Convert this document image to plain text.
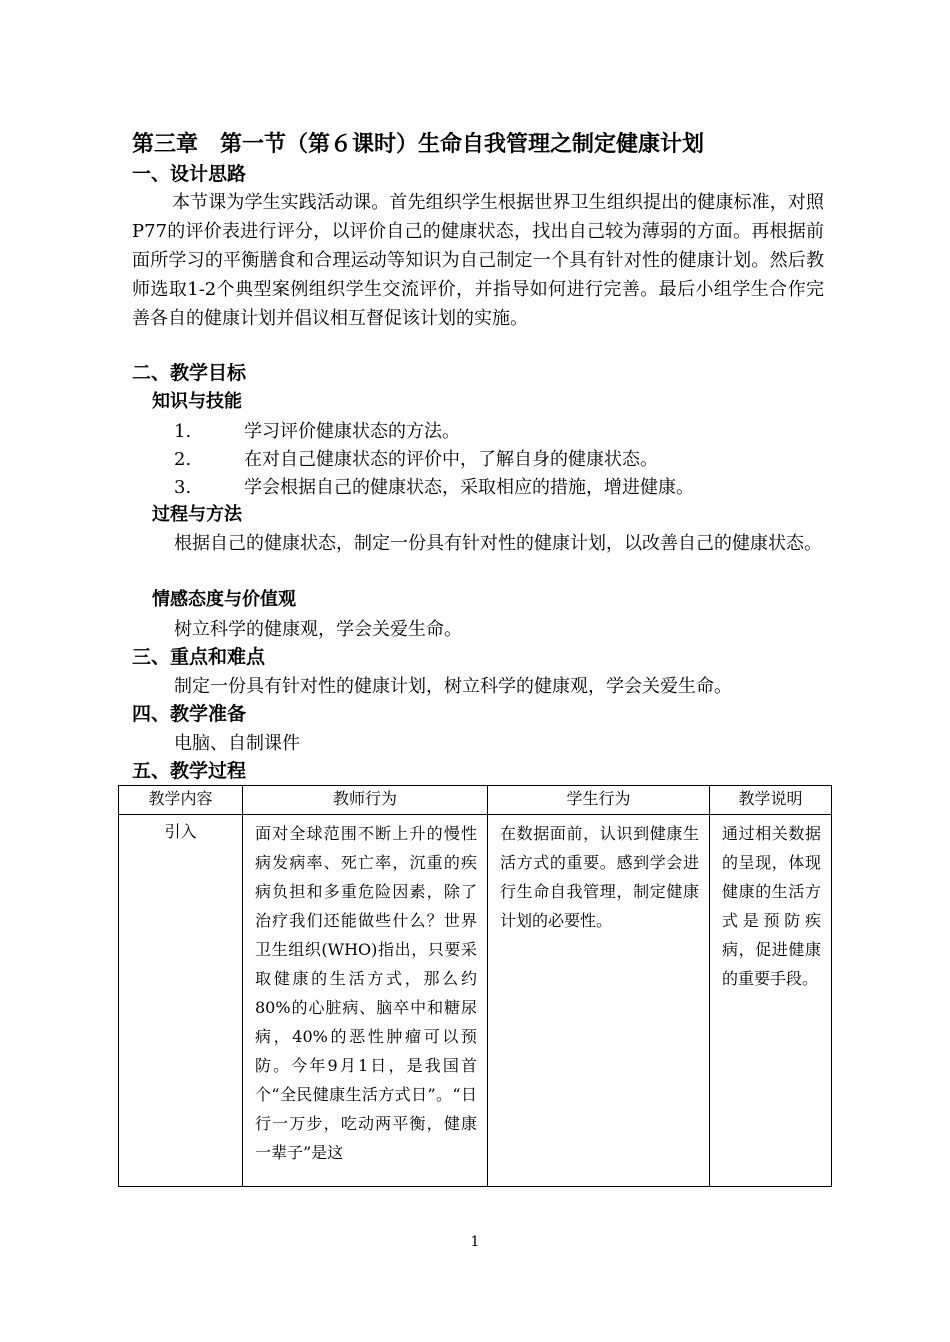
第三章　第一节（第６课时）生命自我管理之制定健康计划
一、设计思路
本节课为学生实践活动课。首先组织学生根据世界卫生组织提出的健康标准，对照P77的评价表进行评分，以评价自己的健康状态，找出自己较为薄弱的方面。再根据前面所学习的平衡膳食和合理运动等知识为自己制定一个具有针对性的健康计划。然后教师选取1-2个典型案例组织学生交流评价，并指导如何进行完善。最后小组学生合作完善各自的健康计划并倡议相互督促该计划的实施。
二、教学目标
知识与技能
1.	学习评价健康状态的方法。
2.	在对自己健康状态的评价中，了解自身的健康状态。
3.	学会根据自己的健康状态，采取相应的措施，增进健康。
过程与方法
根据自己的健康状态，制定一份具有针对性的健康计划，以改善自己的健康状态。
情感态度与价值观
树立科学的健康观，学会关爱生命。
三、重点和难点
制定一份具有针对性的健康计划，树立科学的健康观，学会关爱生命。
四、教学准备
电脑、自制课件
五、教学过程
教学内容	教师行为	学生行为	教学说明
引入	面对全球范围不断上升的慢性病发病率、死亡率，沉重的疾病负担和多重危险因素，除了治疗我们还能做些什么？世界卫生组织(WHO)指出，只要采取健康的生活方式，那么约80%的心脏病、脑卒中和糖尿病，40%的恶性肿瘤可以预防。今年9月1日，是我国首个“全民健康生活方式日”。“日行一万步，吃动两平衡，健康一辈子”是这	在数据面前，认识到健康生活方式的重要。感到学会进行生命自我管理，制定健康计划的必要性。	通过相关数据的呈现，体现健康的生活方式是预防疾病，促进健康的重要手段。
1
